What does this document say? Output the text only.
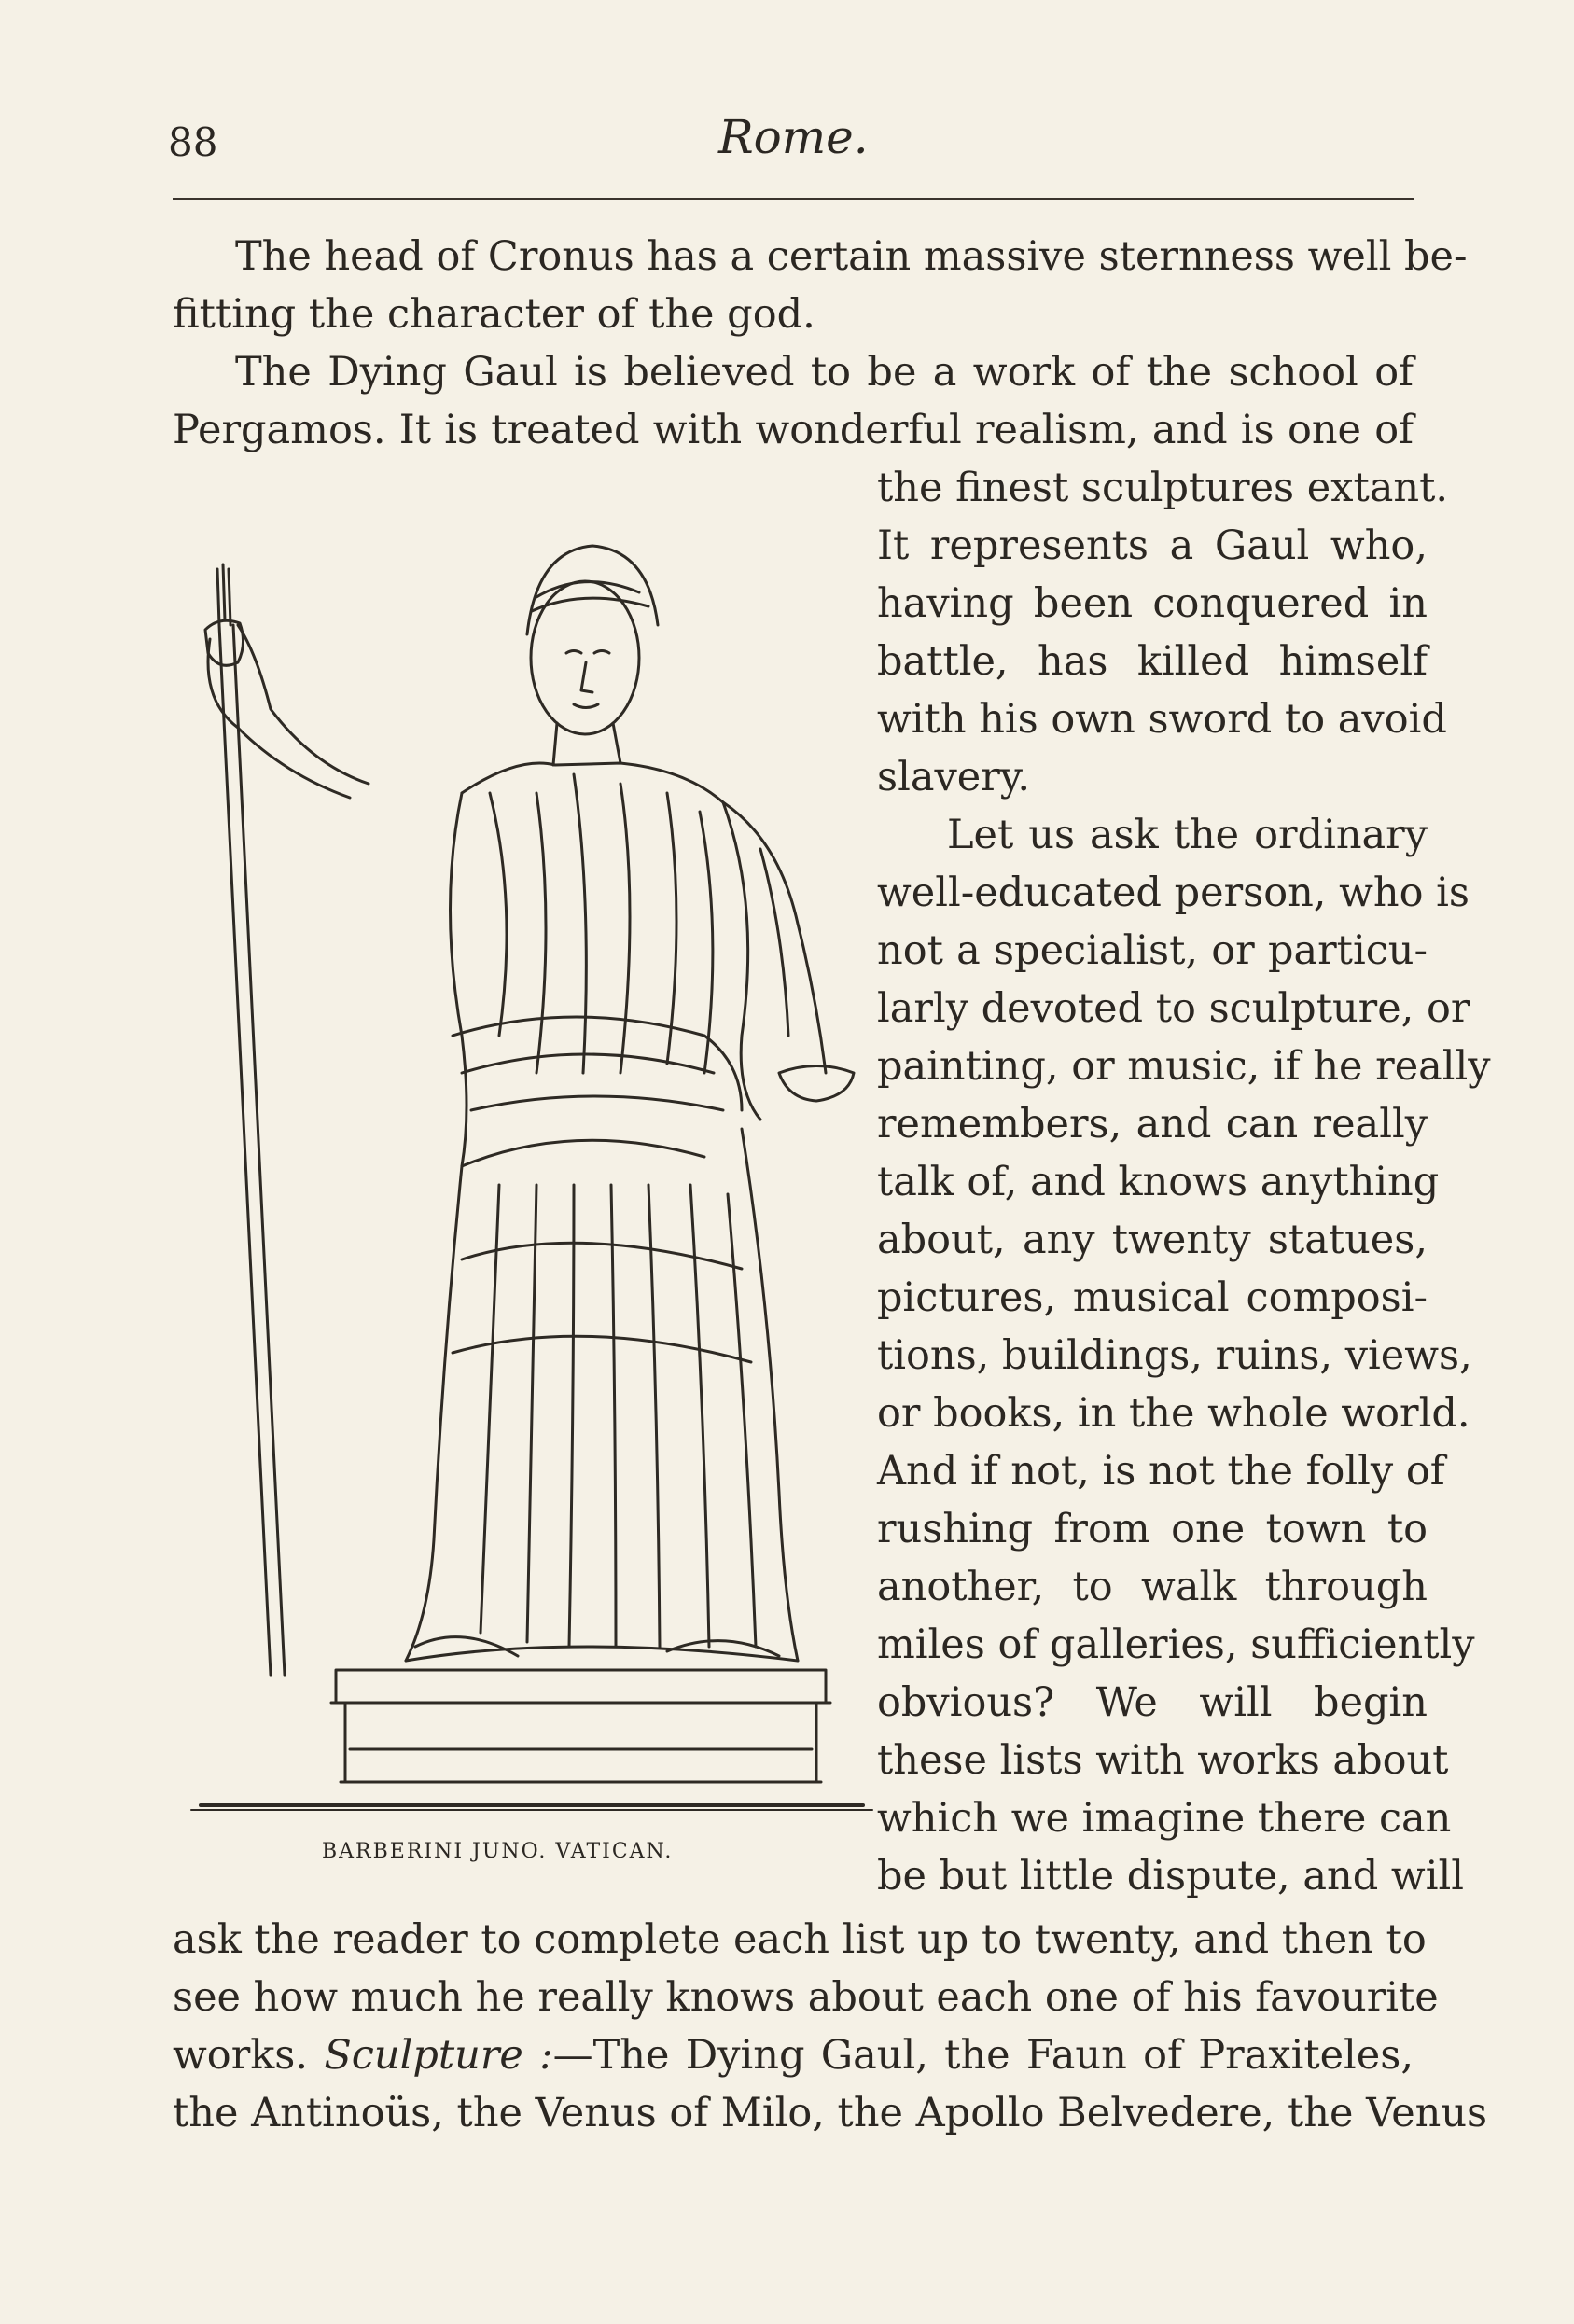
88	Rome.
The head of Cronus has a certain massive sternness well be-
fitting the character of the god.
The Dying Gaul is believed to be a work of the school of
Pergamos. It is treated with wonderful realism, and is one of
the finest sculptures extant.
It represents a Gaul who,
having been conquered in
battle, has killed himself
with his own sword to avoid
slavery.
Let us ask the ordinary
well-educated person, who is
not a specialist, or particu-
larly devoted to sculpture, or
painting, or music, if he really
remembers, and can really
talk of, and knows anything
about, any twenty statues,
pictures, musical composi-
tions, buildings, ruins, views,
or books, in the whole world.
And if not, is not the folly of
rushing from one town to
another, to walk through
miles of galleries, sufficiently
obvious? We will begin
these lists with works about
which we imagine there can
be but little dispute, and will
ask the reader to complete each list up to twenty, and then to
see how much he really knows about each one of his favourite
works. Sculpture :—The Dying Gaul, the Faun of Praxiteles,
the Antinoüs, the Venus of Milo, the Apollo Belvedere, the Venus
BARBERINI JUNO. VATICAN.
